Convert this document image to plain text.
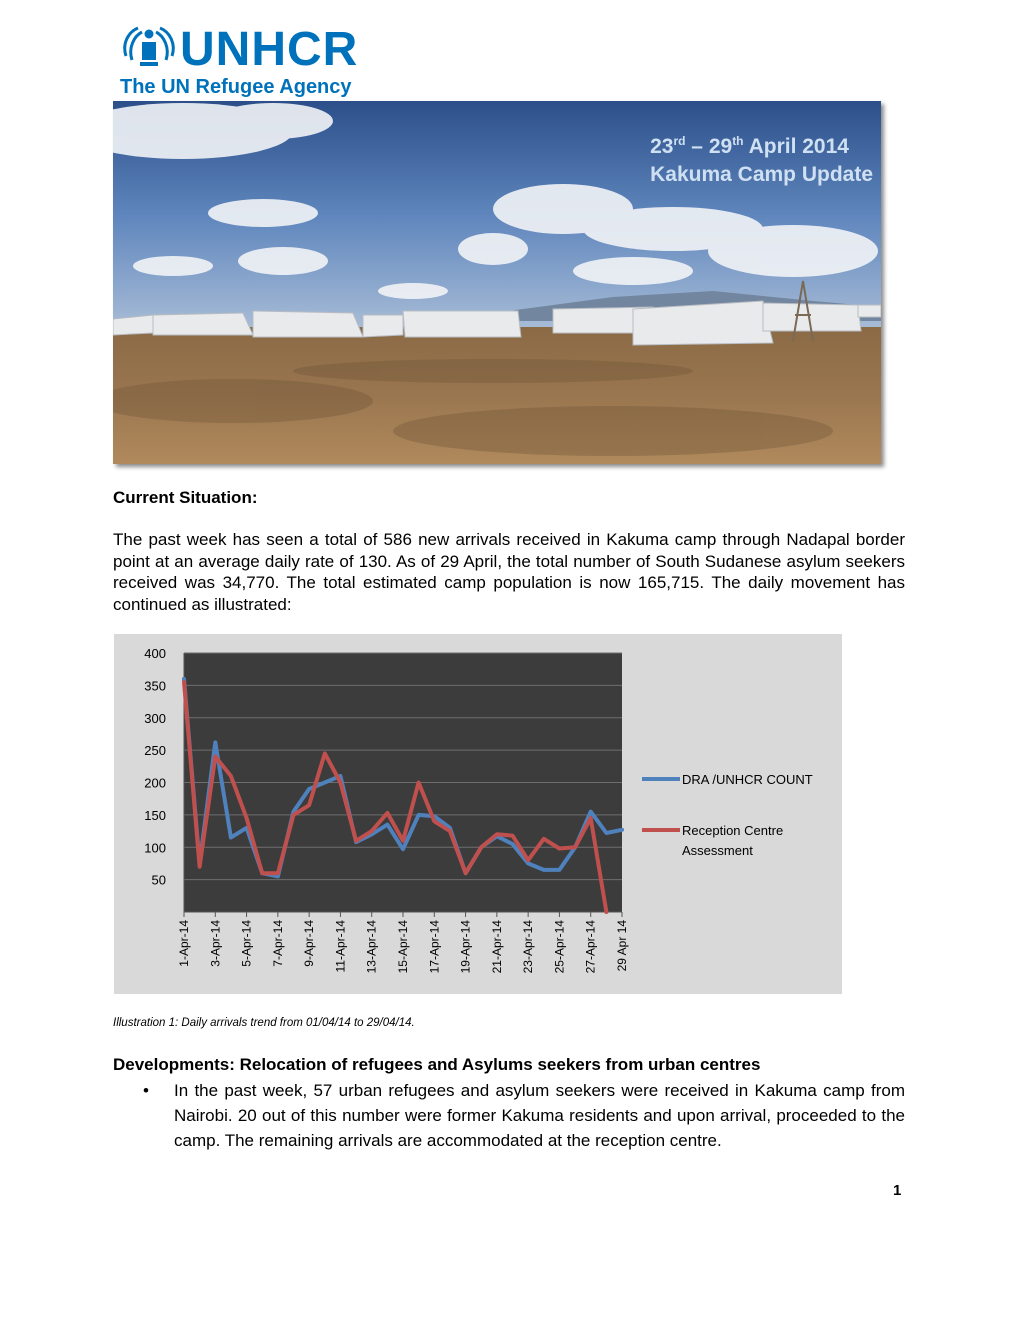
UNHCR
The UN Refugee Agency
23rd – 29th April 2014
Kakuma Camp Update
Current Situation:

The past week has seen a total of 586 new arrivals received in Kakuma camp through Nadapal border point at an average daily rate of 130. As of 29 April, the total number of South Sudanese asylum seekers received was 34,770. The total estimated camp population is now 165,715. The daily movement has continued as illustrated:

50
100
150
200
250
300
350
400
1-Apr-14 3-Apr-14 5-Apr-14 7-Apr-14 9-Apr-14 11-Apr-14 13-Apr-14 15-Apr-14 17-Apr-14 19-Apr-14 21-Apr-14 23-Apr-14 25-Apr-14 27-Apr-14 29 Apr 14
DRA /UNHCR COUNT
Reception Centre
Assessment
Illustration 1: Daily arrivals trend from 01/04/14 to 29/04/14.
Developments: Relocation of refugees and Asylums seekers from urban centres
• In the past week, 57 urban refugees and asylum seekers were received in Kakuma camp from Nairobi. 20 out of this number were former Kakuma residents and upon arrival, proceeded to the camp. The remaining arrivals are accommodated at the reception centre.
1
